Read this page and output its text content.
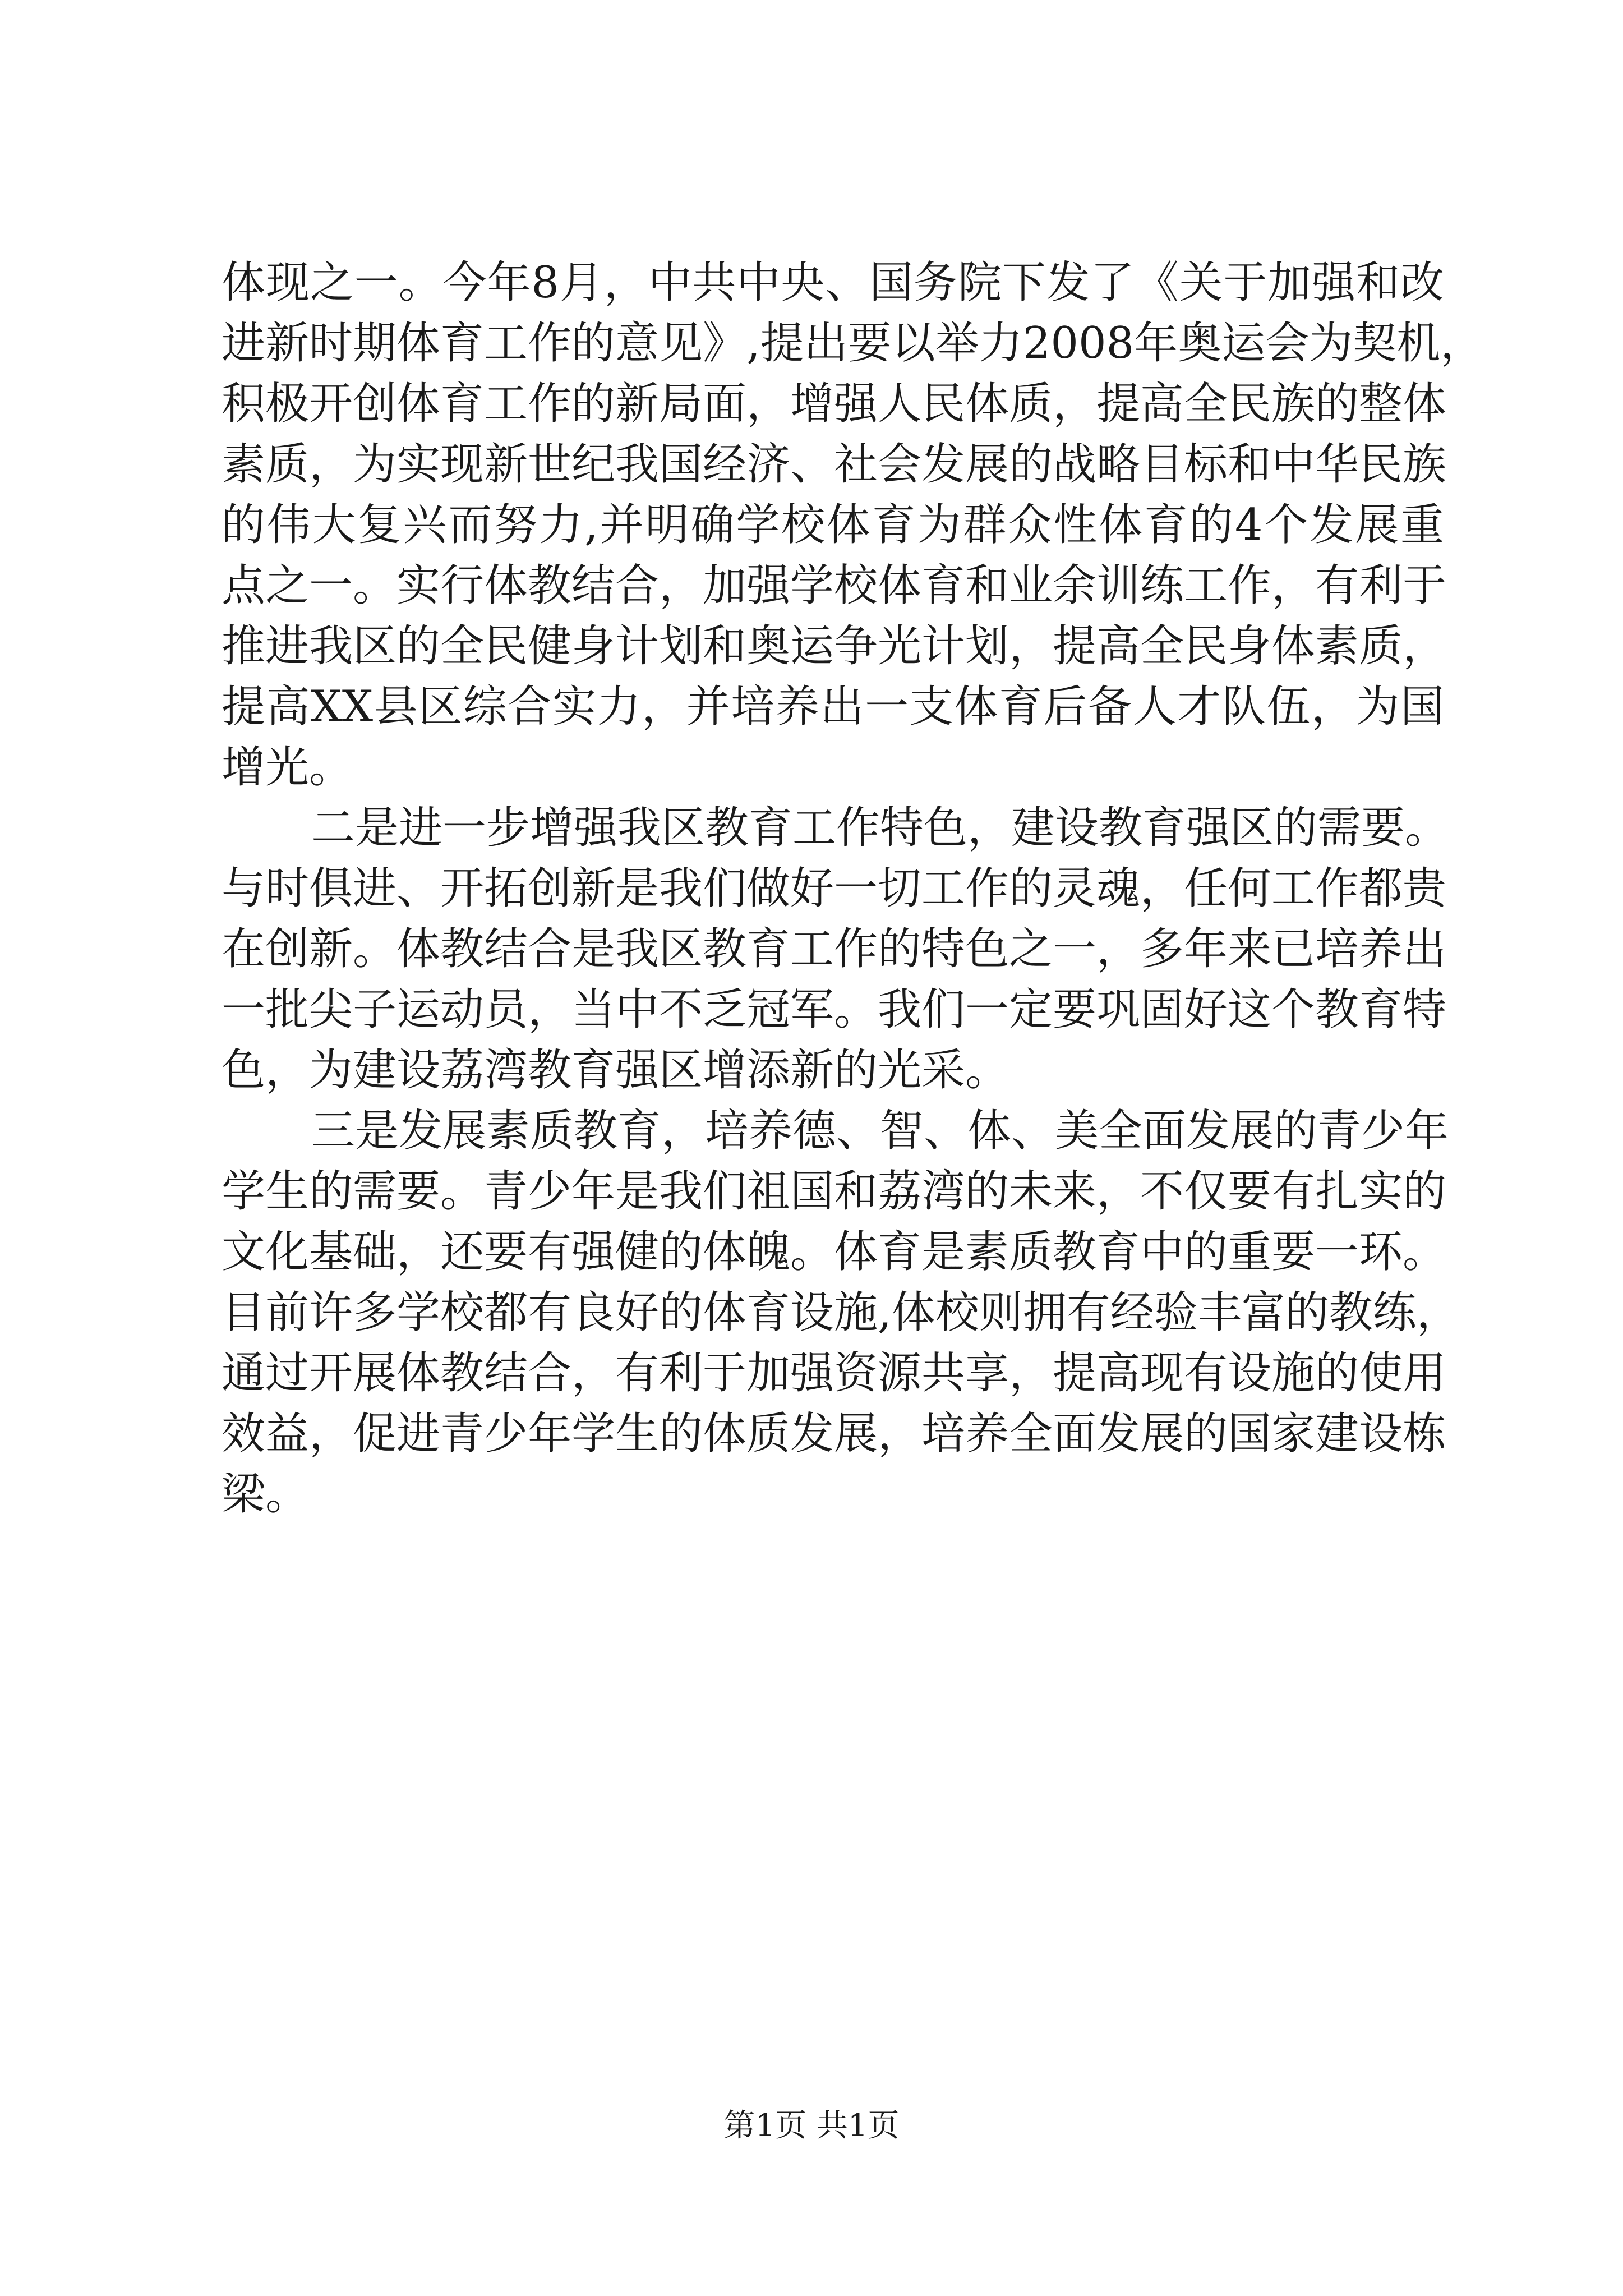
体现之一。今年8月，中共中央、国务院下发了《关于加强和改
进新时期体育工作的意见》,提出要以举力2008年奥运会为契机，
积极开创体育工作的新局面，增强人民体质，提高全民族的整体
素质，为实现新世纪我国经济、社会发展的战略目标和中华民族
的伟大复兴而努力,并明确学校体育为群众性体育的4个发展重
点之一。实行体教结合，加强学校体育和业余训练工作，有利于
推进我区的全民健身计划和奥运争光计划，提高全民身体素质，
提高XX县区综合实力，并培养出一支体育后备人才队伍，为国
增光。
二是进一步增强我区教育工作特色，建设教育强区的需要。
与时俱进、开拓创新是我们做好一切工作的灵魂，任何工作都贵
在创新。体教结合是我区教育工作的特色之一，多年来已培养出
一批尖子运动员，当中不乏冠军。我们一定要巩固好这个教育特
色，为建设荔湾教育强区增添新的光采。
三是发展素质教育，培养德、智、体、美全面发展的青少年
学生的需要。青少年是我们祖国和荔湾的未来，不仅要有扎实的
文化基础，还要有强健的体魄。体育是素质教育中的重要一环。
目前许多学校都有良好的体育设施,体校则拥有经验丰富的教练，
通过开展体教结合，有利于加强资源共享，提高现有设施的使用
效益，促进青少年学生的体质发展，培养全面发展的国家建设栋
梁。
第1页 共1页
